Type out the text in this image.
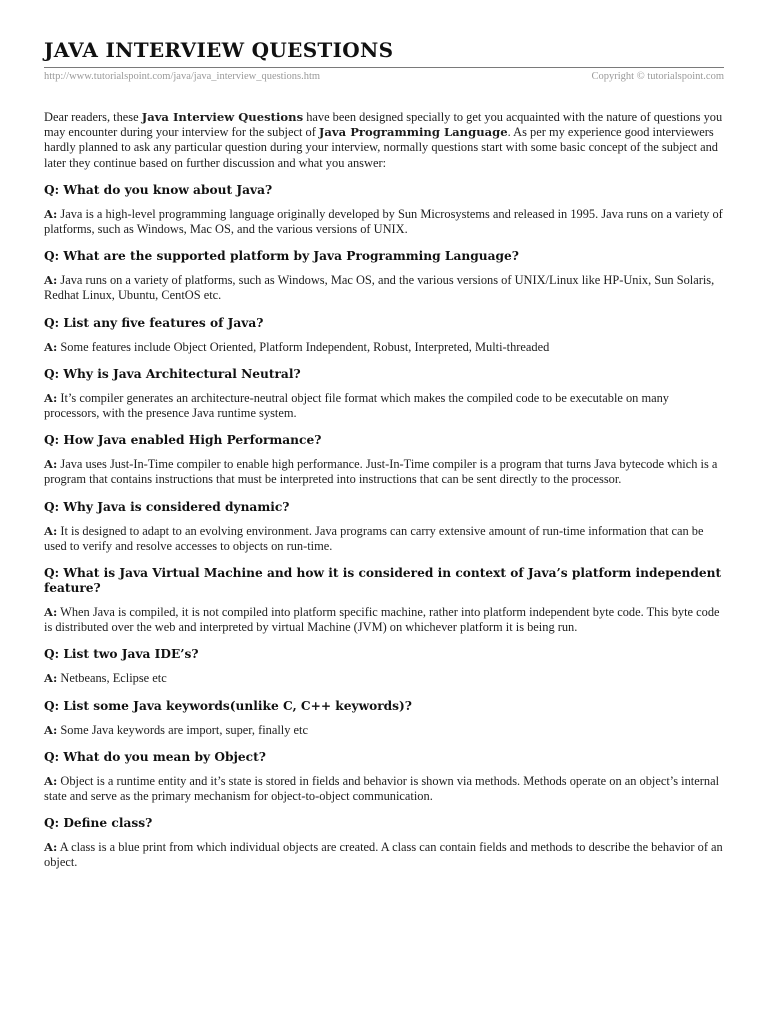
JAVA INTERVIEW QUESTIONS
http://www.tutorialspoint.com/java/java_interview_questions.htm	Copyright © tutorialspoint.com

Dear readers, these Java Interview Questions have been designed specially to get you acquainted with the nature of questions you may encounter during your interview for the subject of Java Programming Language. As per my experience good interviewers hardly planned to ask any particular question during your interview, normally questions start with some basic concept of the subject and later they continue based on further discussion and what you answer:

Q: What do you know about Java?

A: Java is a high-level programming language originally developed by Sun Microsystems and released in 1995. Java runs on a variety of platforms, such as Windows, Mac OS, and the various versions of UNIX.

Q: What are the supported platform by Java Programming Language?

A: Java runs on a variety of platforms, such as Windows, Mac OS, and the various versions of UNIX/Linux like HP-Unix, Sun Solaris, Redhat Linux, Ubuntu, CentOS etc.

Q: List any five features of Java?

A: Some features include Object Oriented, Platform Independent, Robust, Interpreted, Multi-threaded

Q: Why is Java Architectural Neutral?

A: It’s compiler generates an architecture-neutral object file format which makes the compiled code to be executable on many processors, with the presence Java runtime system.

Q: How Java enabled High Performance?

A: Java uses Just-In-Time compiler to enable high performance. Just-In-Time compiler is a program that turns Java bytecode which is a program that contains instructions that must be interpreted into instructions that can be sent directly to the processor.

Q: Why Java is considered dynamic?

A: It is designed to adapt to an evolving environment. Java programs can carry extensive amount of run-time information that can be used to verify and resolve accesses to objects on run-time.

Q: What is Java Virtual Machine and how it is considered in context of Java’s platform independent feature?

A: When Java is compiled, it is not compiled into platform specific machine, rather into platform independent byte code. This byte code is distributed over the web and interpreted by virtual Machine (JVM) on whichever platform it is being run.

Q: List two Java IDE’s?

A: Netbeans, Eclipse etc

Q: List some Java keywords(unlike C, C++ keywords)?

A: Some Java keywords are import, super, finally etc

Q: What do you mean by Object?

A: Object is a runtime entity and it’s state is stored in fields and behavior is shown via methods. Methods operate on an object’s internal state and serve as the primary mechanism for object-to-object communication.

Q: Define class?

A: A class is a blue print from which individual objects are created. A class can contain fields and methods to describe the behavior of an object.
